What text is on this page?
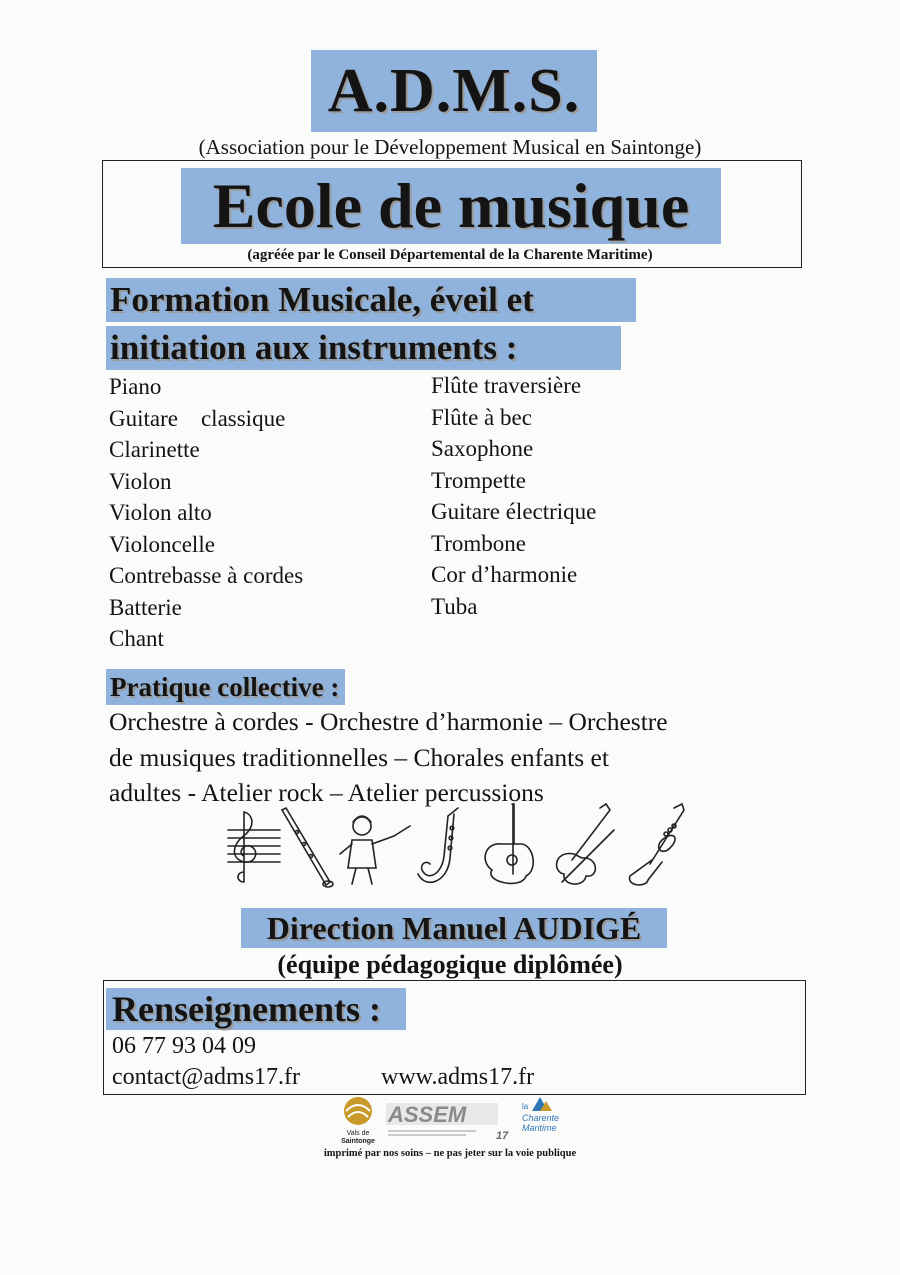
A.D.M.S.
(Association pour le Développement Musical en Saintonge)
Ecole de musique
(agréée par le Conseil Départemental de la Charente Maritime)
Formation Musicale, éveil et
initiation aux instruments :
Piano
Guitare    classique
Clarinette
Violon
Violon alto
Violoncelle
Contrebasse à cordes
Batterie
Chant
Flûte traversière
Flûte à bec
Saxophone
Trompette
Guitare électrique
Trombone
Cor d’harmonie
Tuba
Pratique collective :
Orchestre à cordes - Orchestre d’harmonie – Orchestre
de musiques traditionnelles – Chorales enfants et
adultes - Atelier rock – Atelier percussions
Direction Manuel AUDIGÉ
(équipe pédagogique diplômée)
Renseignements :
06 77 93 04 09
contact@adms17.fr	www.adms17.fr
Vals de
Saintonge
ASSEM
17
la
Charente
Maritime
imprimé par nos soins – ne pas jeter sur la voie publique
